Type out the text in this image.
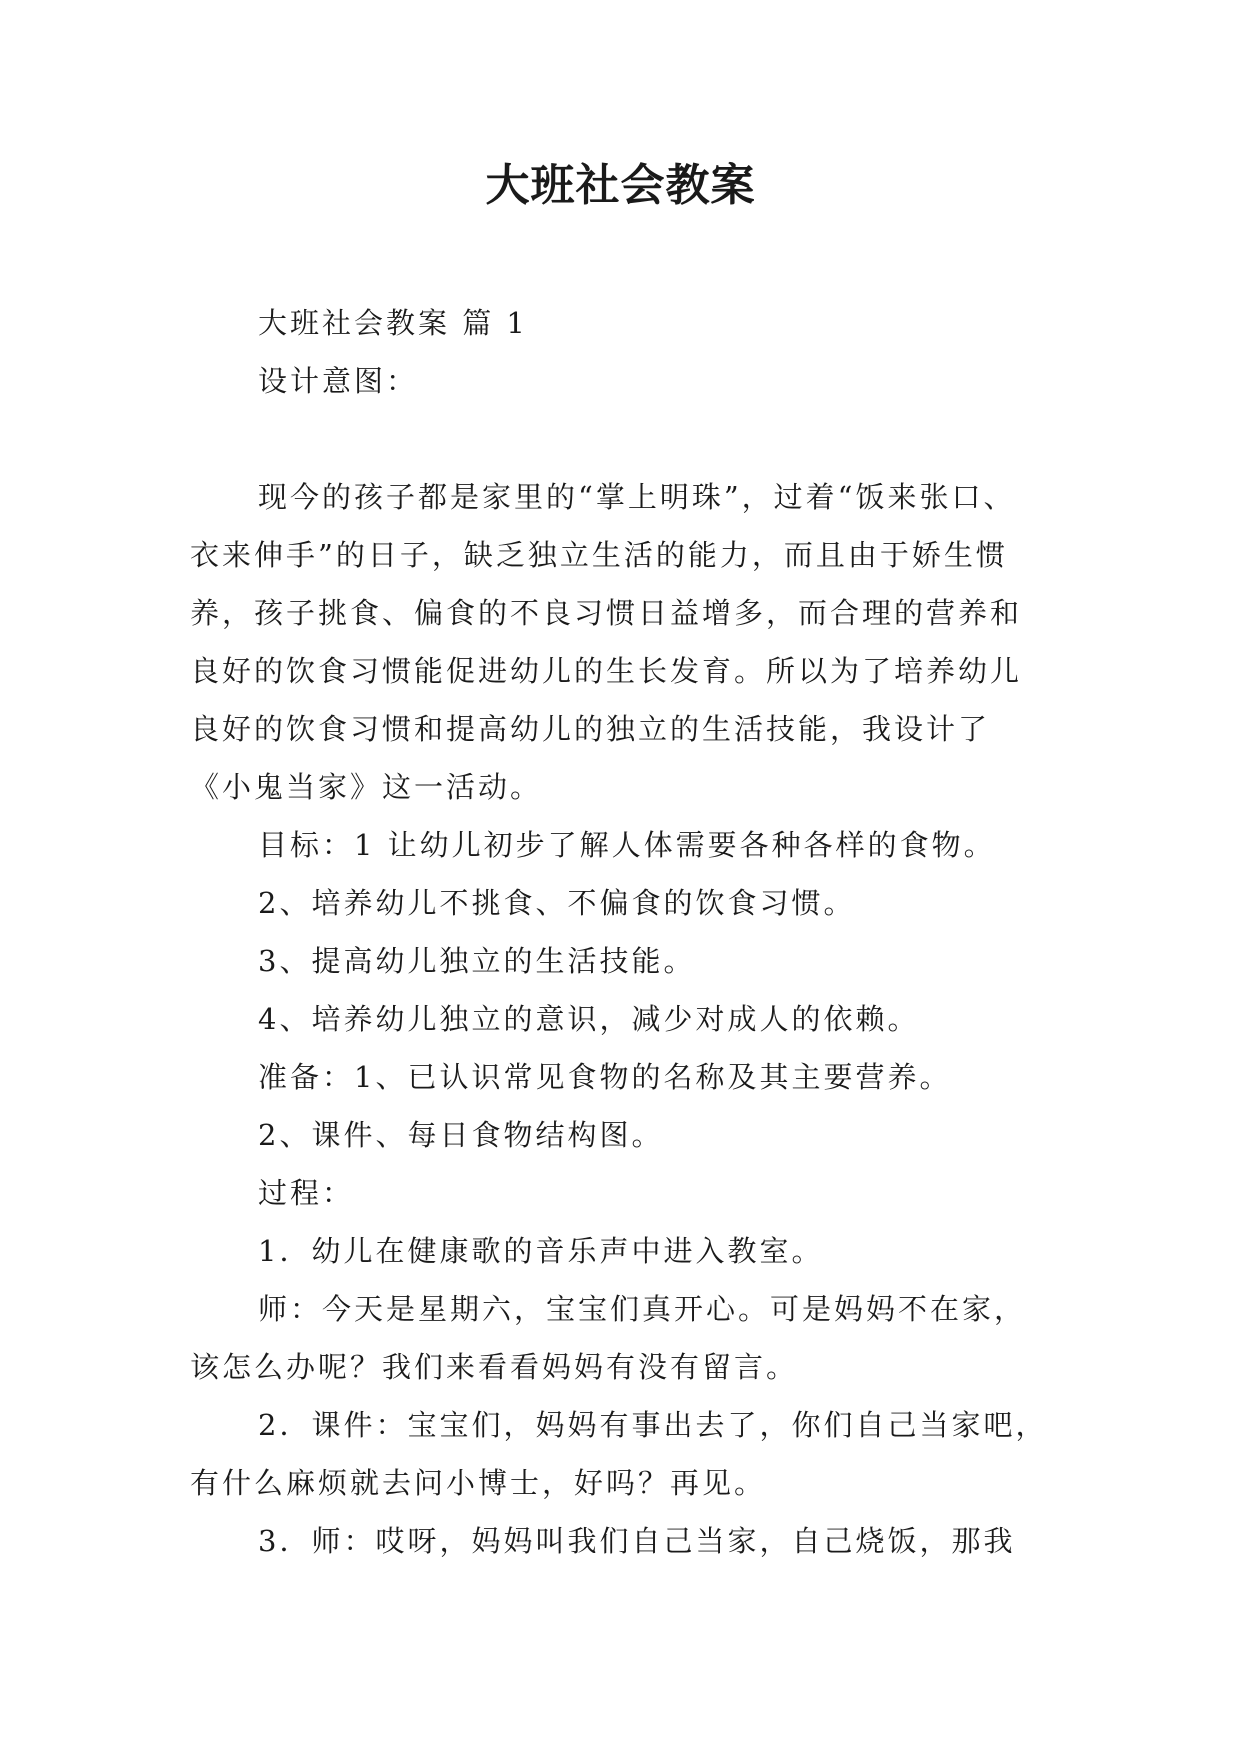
大班社会教案
大班社会教案 篇 1
设计意图：
现今的孩子都是家里的“掌上明珠”，过着“饭来张口、
衣来伸手”的日子，缺乏独立生活的能力，而且由于娇生惯
养，孩子挑食、偏食的不良习惯日益增多，而合理的营养和
良好的饮食习惯能促进幼儿的生长发育。所以为了培养幼儿
良好的饮食习惯和提高幼儿的独立的生活技能，我设计了
《小鬼当家》这一活动。
目标：1 让幼儿初步了解人体需要各种各样的食物。
2、培养幼儿不挑食、不偏食的饮食习惯。
3、提高幼儿独立的生活技能。
4、培养幼儿独立的意识，减少对成人的依赖。
准备：1、已认识常见食物的名称及其主要营养。
2、课件、每日食物结构图。
过程：
1．幼儿在健康歌的音乐声中进入教室。
师：今天是星期六，宝宝们真开心。可是妈妈不在家，
该怎么办呢？我们来看看妈妈有没有留言。
2．课件：宝宝们，妈妈有事出去了，你们自己当家吧，
有什么麻烦就去问小博士，好吗？再见。
3．师：哎呀，妈妈叫我们自己当家，自己烧饭，那我
